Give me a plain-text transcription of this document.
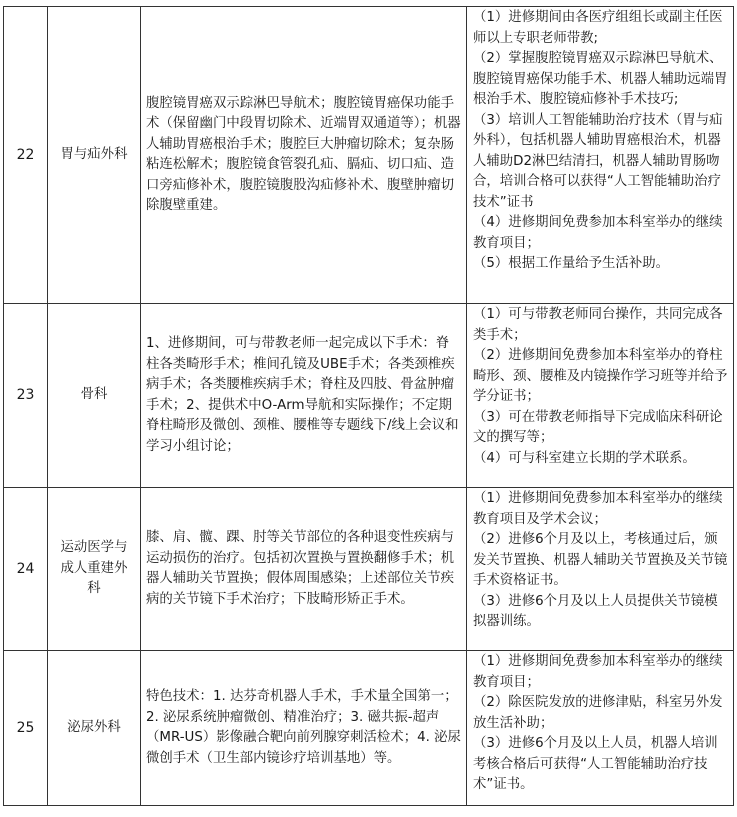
22	胃与疝外科	腹腔镜胃癌双示踪淋巴导航术；腹腔镜胃癌保功能手术（保留幽门中段胃切除术、近端胃双通道等）；机器人辅助胃癌根治手术；腹腔巨大肿瘤切除术；复杂肠粘连松解术；腹腔镜食管裂孔疝、膈疝、切口疝、造口旁疝修补术，腹腔镜腹股沟疝修补术、腹壁肿瘤切除腹壁重建。	（1）进修期间由各医疗组组长或副主任医师以上专职老师带教;
（2）掌握腹腔镜胃癌双示踪淋巴导航术、腹腔镜胃癌保功能手术、机器人辅助远端胃根治手术、腹腔镜疝修补手术技巧;
（3）培训人工智能辅助治疗技术（胃与疝外科），包括机器人辅助胃癌根治术，机器人辅助D2淋巴结清扫，机器人辅助胃肠吻合，培训合格可以获得“人工智能辅助治疗技术”证书
（4）进修期间免费参加本科室举办的继续教育项目；
（5）根据工作量给予生活补助。

23	骨科	1、进修期间，可与带教老师一起完成以下手术：脊柱各类畸形手术；椎间孔镜及UBE手术；各类颈椎疾病手术；各类腰椎疾病手术；脊柱及四肢、骨盆肿瘤手术；2、提供术中O-Arm导航和实际操作；不定期脊柱畸形及微创、颈椎、腰椎等专题线下/线上会议和学习小组讨论；	（1）可与带教老师同台操作，共同完成各类手术；
（2）进修期间免费参加本科室举办的脊柱畸形、颈、腰椎及内镜操作学习班等并给予学分证书；
（3）可在带教老师指导下完成临床科研论文的撰写等；
（4）可与科室建立长期的学术联系。

24	运动医学与
成人重建外
科	膝、肩、髋、踝、肘等关节部位的各种退变性疾病与运动损伤的治疗。包括初次置换与置换翻修手术；机器人辅助关节置换；假体周围感染；上述部位关节疾病的关节镜下手术治疗；下肢畸形矫正手术。	（1）进修期间免费参加本科室举办的继续教育项目及学术会议；
（2）进修6个月及以上，考核通过后，颁发关节置换、机器人辅助关节置换及关节镜手术资格证书。
（3）进修6个月及以上人员提供关节镜模拟器训练。

25	泌尿外科	特色技术：1. 达芬奇机器人手术，手术量全国第一；2. 泌尿系统肿瘤微创、精准治疗；3. 磁共振-超声（MR-US）影像融合靶向前列腺穿刺活检术；4. 泌尿微创手术（卫生部内镜诊疗培训基地）等。	（1）进修期间免费参加本科室举办的继续教育项目；
（2）除医院发放的进修津贴，科室另外发放生活补助；
（3）进修6个月及以上人员，机器人培训考核合格后可获得“人工智能辅助治疗技术”证书。
